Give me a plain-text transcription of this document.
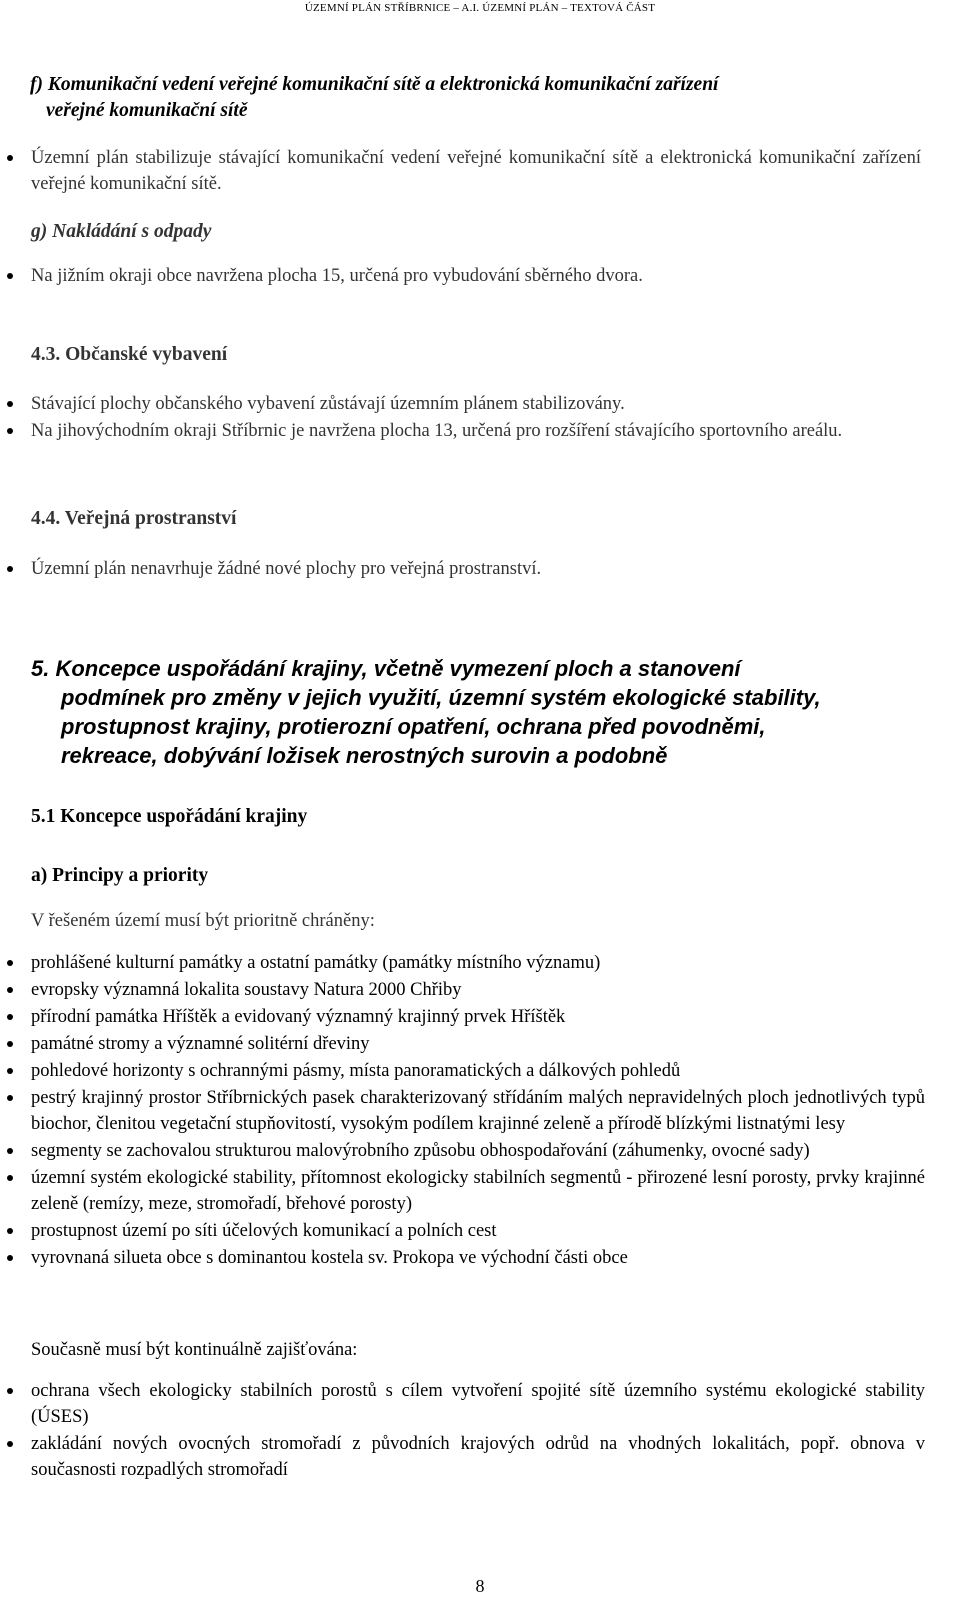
ÚZEMNÍ PLÁN STŘÍBRNICE – A.I. ÚZEMNÍ PLÁN – TEXTOVÁ ČÁST
f) Komunikační vedení veřejné komunikační sítě a elektronická komunikační zařízení
veřejné komunikační sítě
Územní plán stabilizuje stávající komunikační vedení veřejné komunikační sítě a elektronická komunikační zařízení veřejné komunikační sítě.
g) Nakládání s odpady
Na jižním okraji obce navržena plocha 15, určená pro vybudování sběrného dvora.
4.3. Občanské vybavení
Stávající plochy občanského vybavení zůstávají územním plánem stabilizovány.
Na jihovýchodním okraji Stříbrnic je navržena plocha 13, určená pro rozšíření stávajícího sportovního areálu.
4.4. Veřejná prostranství
Územní plán nenavrhuje žádné nové plochy pro veřejná prostranství.
5. Koncepce uspořádání krajiny, včetně vymezení ploch a stanovení
podmínek pro změny v jejich využití, územní systém ekologické stability,
prostupnost krajiny, protierozní opatření, ochrana před povodněmi,
rekreace, dobývání ložisek nerostných surovin a podobně
5.1 Koncepce uspořádání krajiny
a) Principy a priority
V řešeném území musí být prioritně chráněny:
prohlášené kulturní památky a ostatní památky (památky místního významu)
evropsky významná lokalita soustavy Natura 2000 Chřiby
přírodní památka Hříštěk a evidovaný významný krajinný prvek Hříštěk
památné stromy a významné solitérní dřeviny
pohledové horizonty s ochrannými pásmy, místa panoramatických a dálkových pohledů
pestrý krajinný prostor Stříbrnických pasek charakterizovaný střídáním malých nepravidelných ploch jednotlivých typů biochor, členitou vegetační stupňovitostí, vysokým podílem krajinné zeleně a přírodě blízkými listnatými lesy
segmenty se zachovalou strukturou malovýrobního způsobu obhospodařování (záhumenky, ovocné sady)
územní systém ekologické stability, přítomnost ekologicky stabilních segmentů - přirozené lesní porosty, prvky krajinné zeleně (remízy, meze, stromořadí, břehové porosty)
prostupnost území po síti účelových komunikací a polních cest
vyrovnaná silueta obce s dominantou kostela sv. Prokopa ve východní části obce
Současně musí být kontinuálně zajišťována:
ochrana všech ekologicky stabilních porostů s cílem vytvoření spojité sítě územního systému ekologické stability (ÚSES)
zakládání nových ovocných stromořadí z původních krajových odrůd na vhodných lokalitách, popř. obnova v současnosti rozpadlých stromořadí
8
